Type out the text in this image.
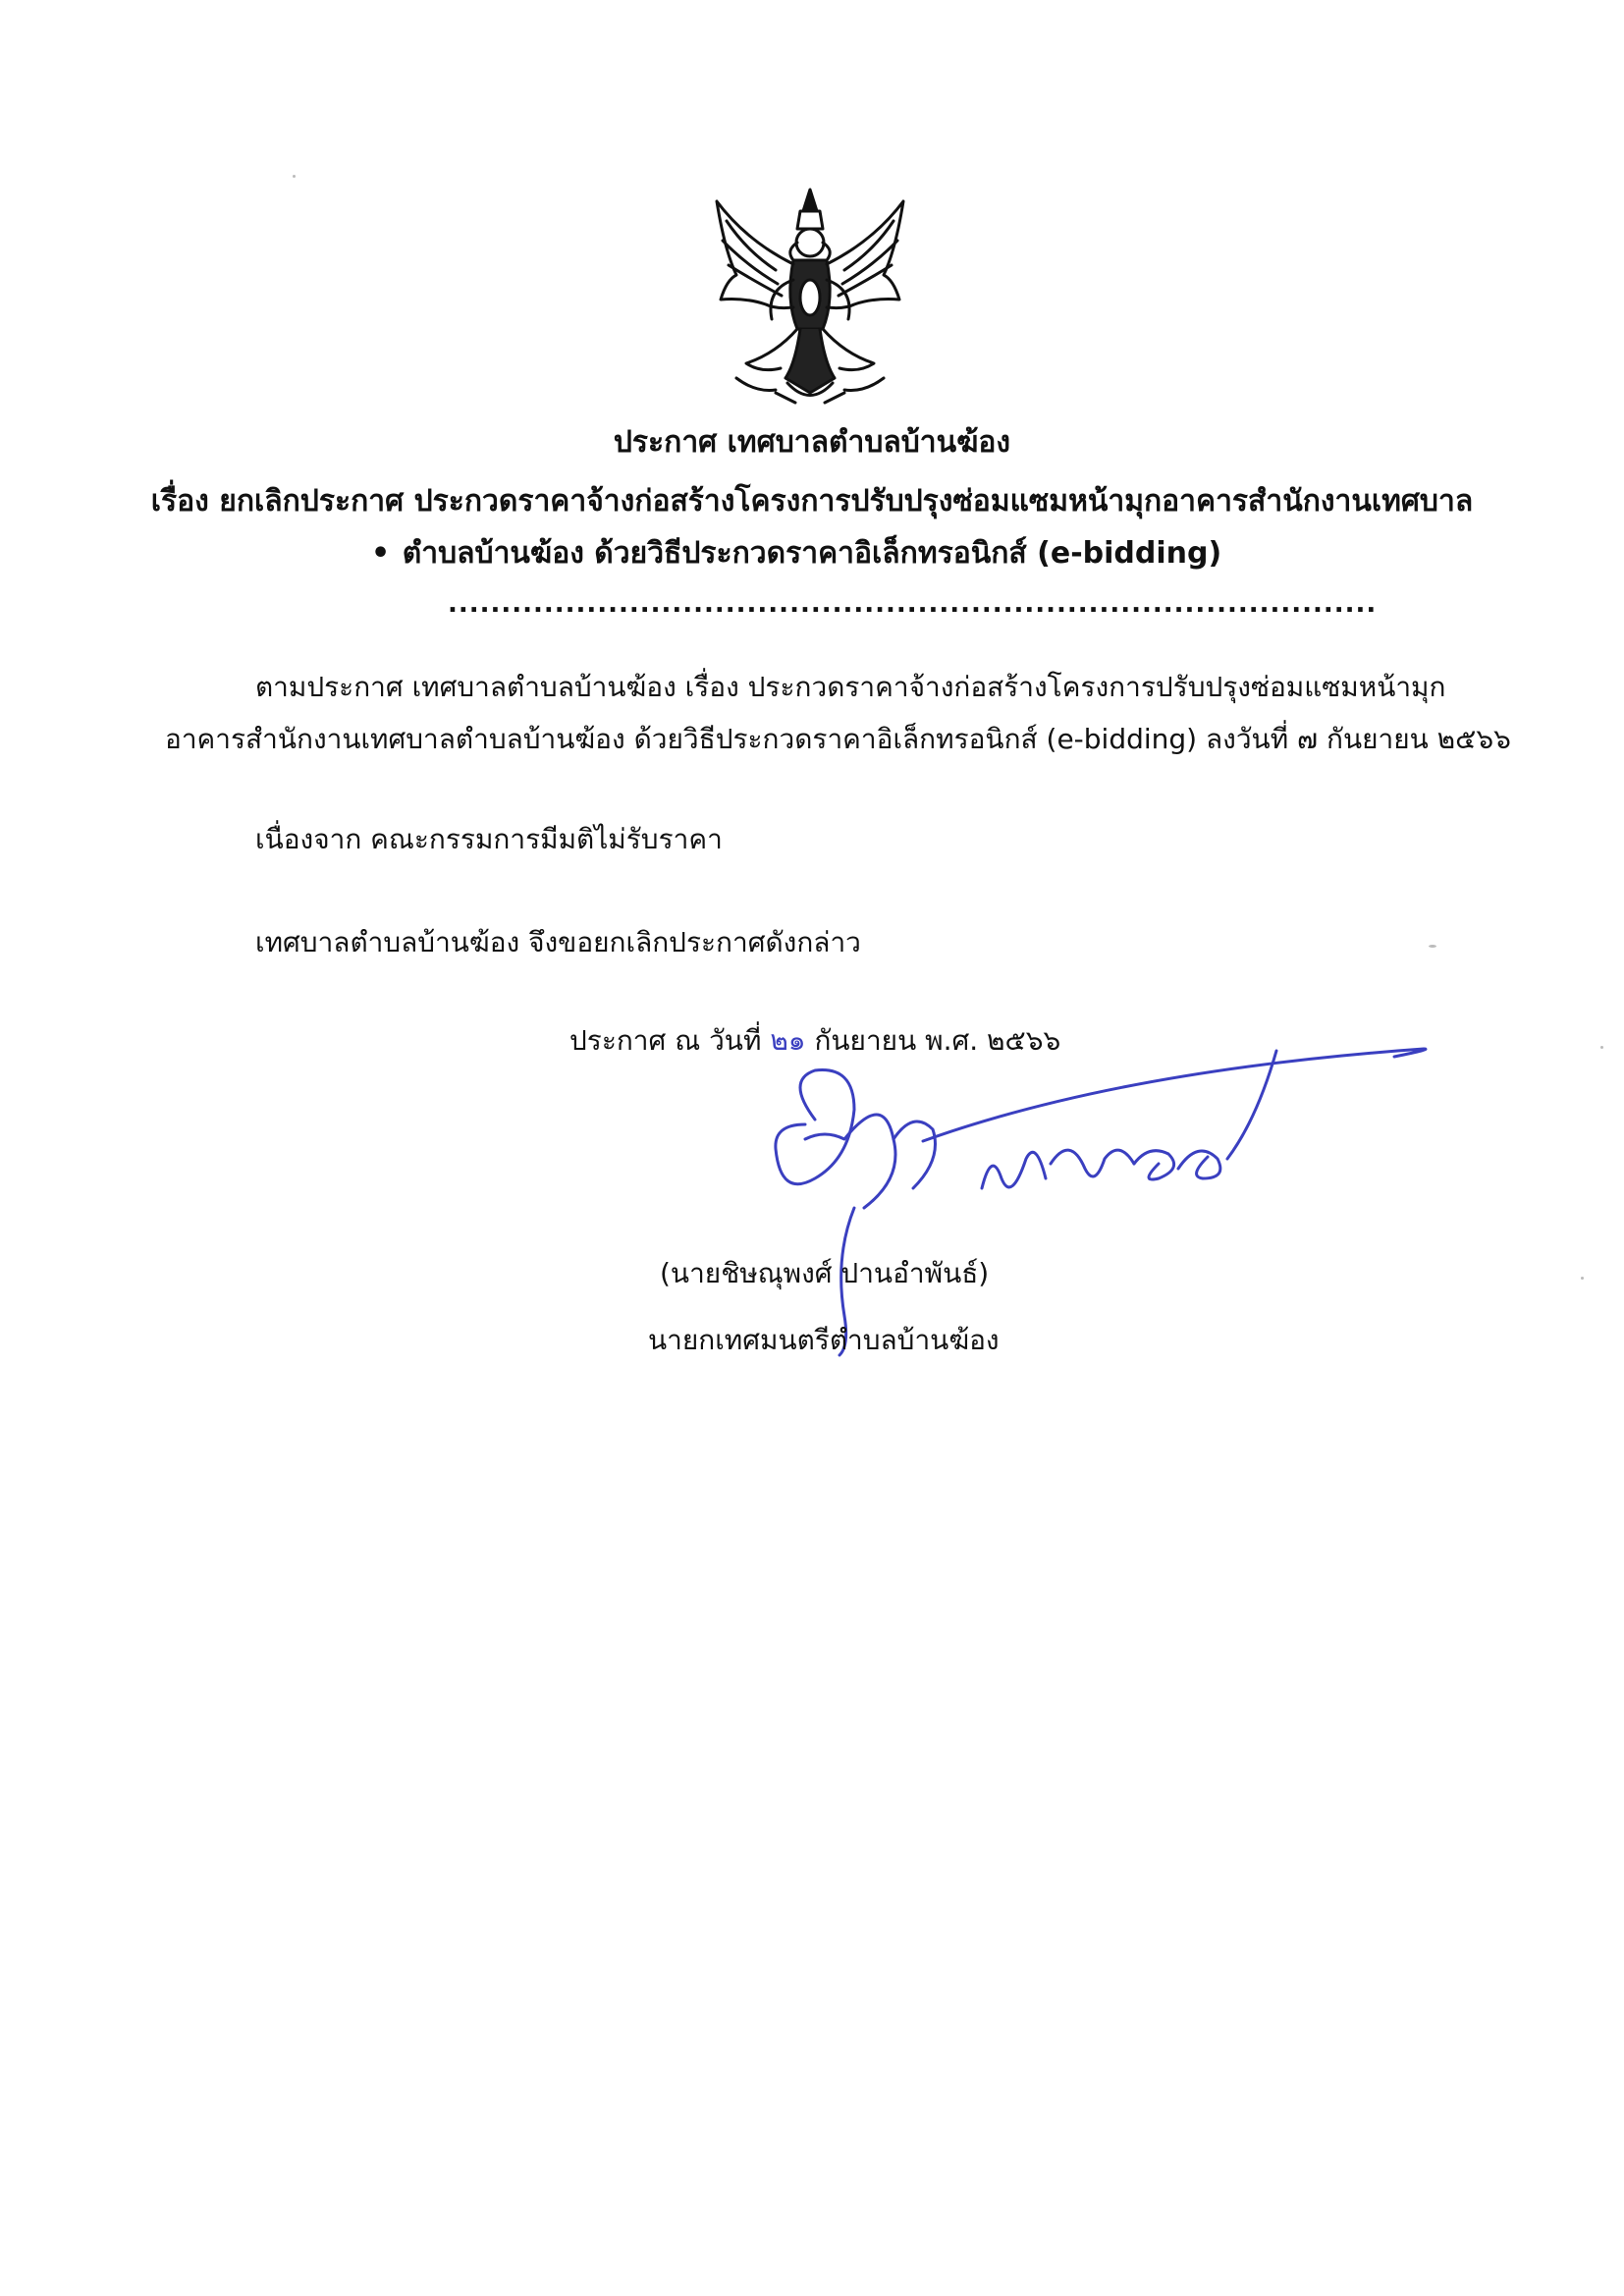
ประกาศ เทศบาลตำบลบ้านฆ้อง
เรื่อง ยกเลิกประกาศ ประกวดราคาจ้างก่อสร้างโครงการปรับปรุงซ่อมแซมหน้ามุกอาคารสำนักงานเทศบาล
• ตำบลบ้านฆ้อง ด้วยวิธีประกวดราคาอิเล็กทรอนิกส์ (e-bidding)
.......................................................................................
ตามประกาศ เทศบาลตำบลบ้านฆ้อง เรื่อง ประกวดราคาจ้างก่อสร้างโครงการปรับปรุงซ่อมแซมหน้ามุก
อาคารสำนักงานเทศบาลตำบลบ้านฆ้อง ด้วยวิธีประกวดราคาอิเล็กทรอนิกส์ (e-bidding) ลงวันที่ ๗ กันยายน ๒๕๖๖
เนื่องจาก คณะกรรมการมีมติไม่รับราคา
เทศบาลตำบลบ้านฆ้อง จึงขอยกเลิกประกาศดังกล่าว
ประกาศ ณ วันที่ ๒๑ กันยายน พ.ศ. ๒๕๖๖
(นายชิษณุพงศ์ ปานอำพันธ์)
นายกเทศมนตรีตำบลบ้านฆ้อง
